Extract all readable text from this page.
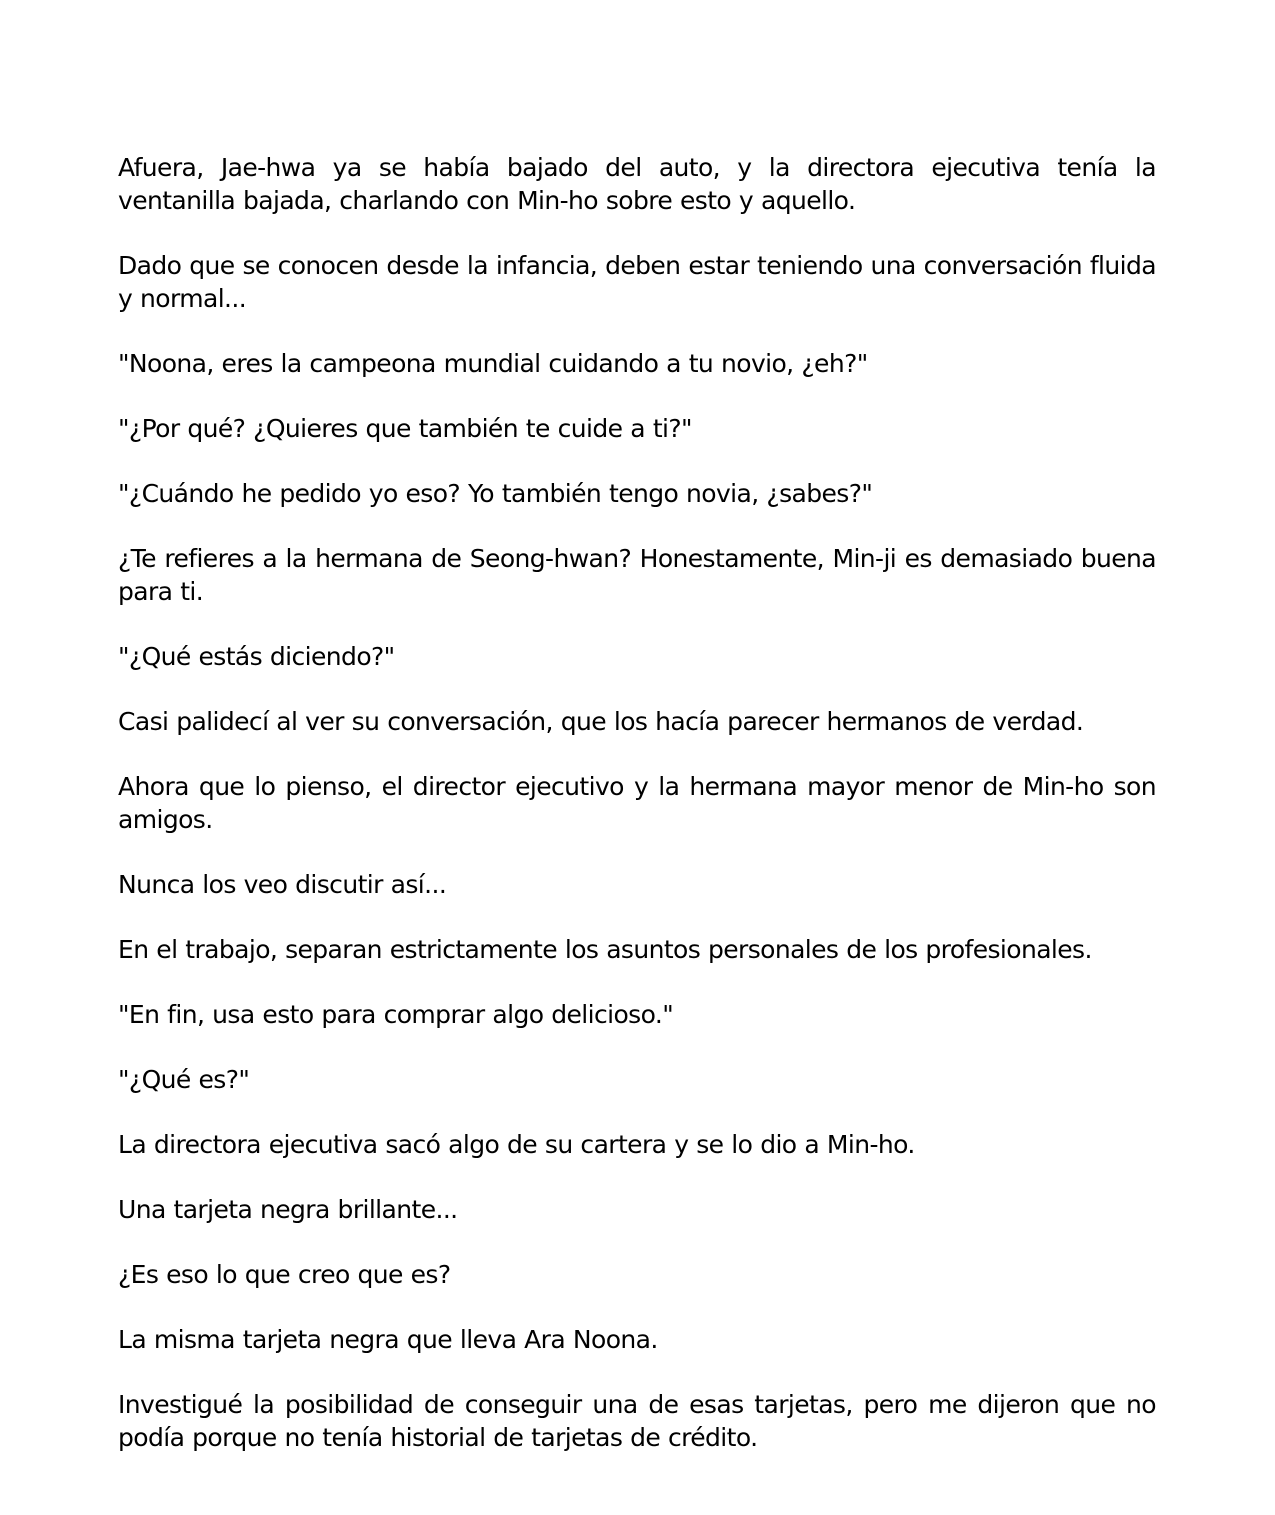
Afuera, Jae-hwa ya se había bajado del auto, y la directora ejecutiva tenía la ventanilla bajada, charlando con Min-ho sobre esto y aquello.

Dado que se conocen desde la infancia, deben estar teniendo una conversación fluida y normal...

"Noona, eres la campeona mundial cuidando a tu novio, ¿eh?"

"¿Por qué? ¿Quieres que también te cuide a ti?"

"¿Cuándo he pedido yo eso? Yo también tengo novia, ¿sabes?"

¿Te refieres a la hermana de Seong-hwan? Honestamente, Min-ji es demasiado buena para ti.

"¿Qué estás diciendo?"

Casi palidecí al ver su conversación, que los hacía parecer hermanos de verdad.

Ahora que lo pienso, el director ejecutivo y la hermana mayor menor de Min-ho son amigos.

Nunca los veo discutir así...

En el trabajo, separan estrictamente los asuntos personales de los profesionales.

"En fin, usa esto para comprar algo delicioso."

"¿Qué es?"

La directora ejecutiva sacó algo de su cartera y se lo dio a Min-ho.

Una tarjeta negra brillante...

¿Es eso lo que creo que es?

La misma tarjeta negra que lleva Ara Noona.

Investigué la posibilidad de conseguir una de esas tarjetas, pero me dijeron que no podía porque no tenía historial de tarjetas de crédito.
